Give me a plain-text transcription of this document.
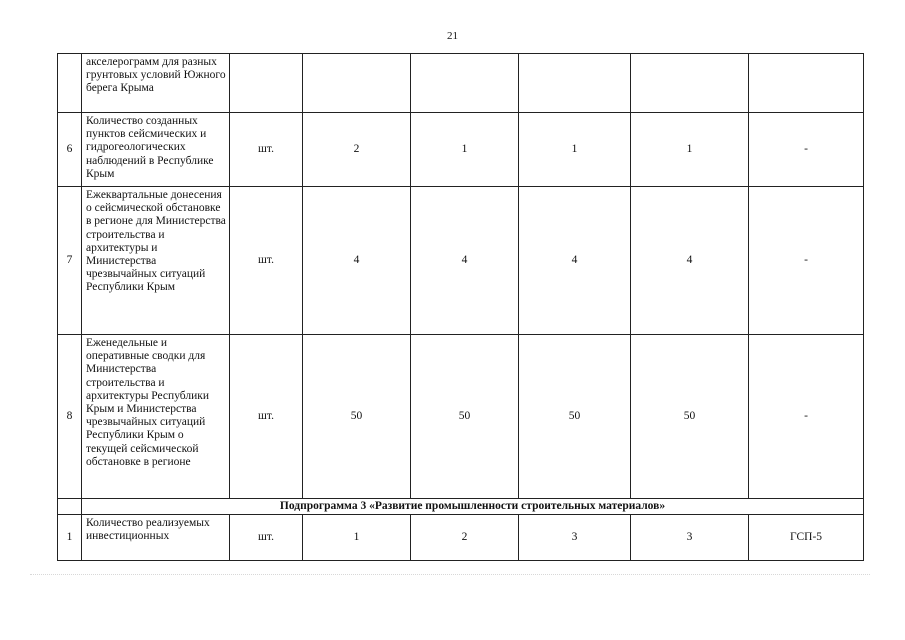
21
	акселерограмм для разных грунтовых условий Южного берега Крыма						
6	Количество созданных пунктов сейсмических и гидрогеологических наблюдений в Республике Крым	шт.	2	1	1	1	-
7	Ежеквартальные донесения о сейсмической обстановке в регионе для Министерства строительства и архитектуры и Министерства чрезвычайных ситуаций Республики Крым	шт.	4	4	4	4	-
8	Еженедельные и оперативные сводки для Министерства строительства и архитектуры Республики Крым и Министерства чрезвычайных ситуаций Республики Крым о текущей сейсмической обстановке в регионе	шт.	50	50	50	50	-
	Подпрограмма 3 «Развитие промышленности строительных материалов»						
1	Количество реализуемых инвестиционных	шт.	1	2	3	3	ГСП-5
